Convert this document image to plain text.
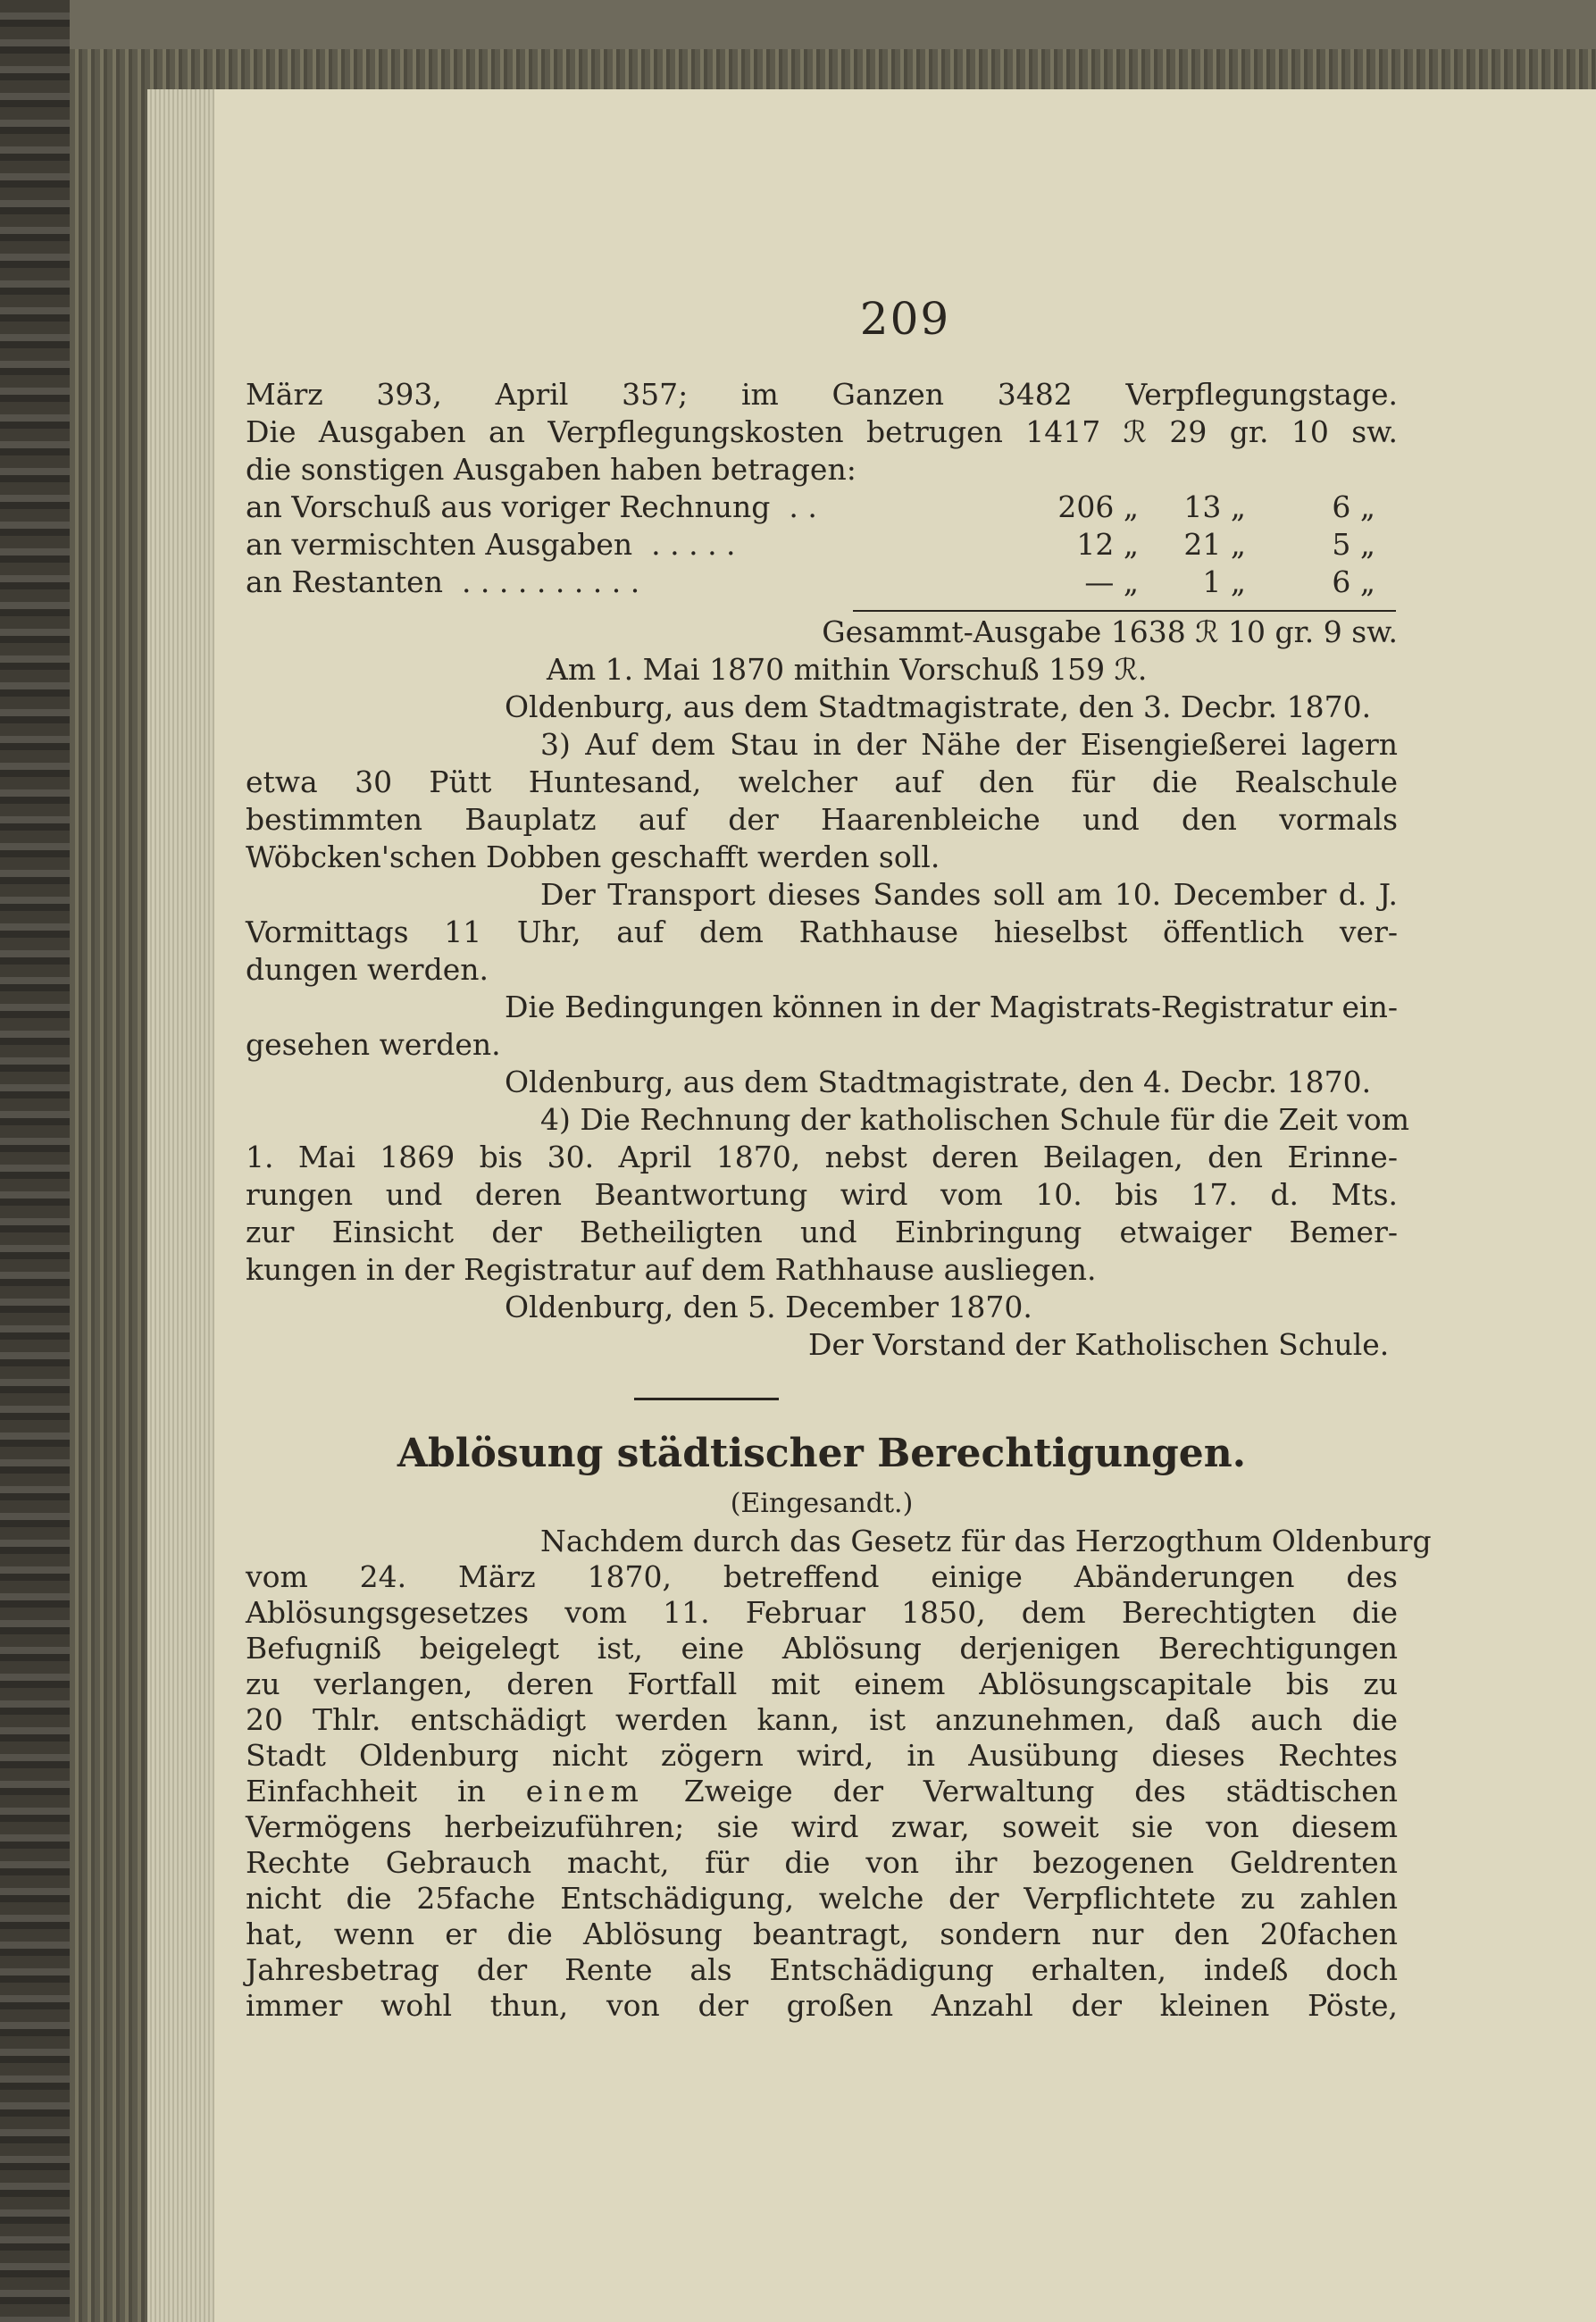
209
März 393, April 357; im Ganzen 3482 Verpflegungstage.
Die Ausgaben an Verpflegungskosten betrugen 1417 ℛ 29 gr. 10 sw.
die sonstigen Ausgaben haben betragen:
an Vorschuß aus voriger Rechnung . .	206 „ 13 „	6 „
an vermischten Ausgaben . . . . .	12 „ 21 „	5 „
an Restanten . . . . . . . . . .	— „ 1 „	6 „
Gesammt-Ausgabe 1638 ℛ 10 gr. 9 sw.
Am 1. Mai 1870 mithin Vorschuß 159 ℛ.
Oldenburg, aus dem Stadtmagistrate, den 3. Decbr. 1870.
3) Auf dem Stau in der Nähe der Eisengießerei lagern
etwa 30 Pütt Huntesand, welcher auf den für die Realschule
bestimmten Bauplatz auf der Haarenbleiche und den vormals
Wöbcken'schen Dobben geschafft werden soll.
Der Transport dieses Sandes soll am 10. December d. J.
Vormittags 11 Uhr, auf dem Rathhause hieselbst öffentlich ver-
dungen werden.
Die Bedingungen können in der Magistrats-Registratur ein-
gesehen werden.
Oldenburg, aus dem Stadtmagistrate, den 4. Decbr. 1870.
4) Die Rechnung der katholischen Schule für die Zeit vom
1. Mai 1869 bis 30. April 1870, nebst deren Beilagen, den Erinne-
rungen und deren Beantwortung wird vom 10. bis 17. d. Mts.
zur Einsicht der Betheiligten und Einbringung etwaiger Bemer-
kungen in der Registratur auf dem Rathhause ausliegen.
Oldenburg, den 5. December 1870.
Der Vorstand der Katholischen Schule.
Ablösung städtischer Berechtigungen.
(Eingesandt.)
Nachdem durch das Gesetz für das Herzogthum Oldenburg
vom 24. März 1870, betreffend einige Abänderungen des
Ablösungsgesetzes vom 11. Februar 1850, dem Berechtigten die
Befugniß beigelegt ist, eine Ablösung derjenigen Berechtigungen
zu verlangen, deren Fortfall mit einem Ablösungscapitale bis zu
20 Thlr. entschädigt werden kann, ist anzunehmen, daß auch die
Stadt Oldenburg nicht zögern wird, in Ausübung dieses Rechtes
Einfachheit in einem Zweige der Verwaltung des städtischen
Vermögens herbeizuführen; sie wird zwar, soweit sie von diesem
Rechte Gebrauch macht, für die von ihr bezogenen Geldrenten
nicht die 25fache Entschädigung, welche der Verpflichtete zu zahlen
hat, wenn er die Ablösung beantragt, sondern nur den 20fachen
Jahresbetrag der Rente als Entschädigung erhalten, indeß doch
immer wohl thun, von der großen Anzahl der kleinen Pöste,
